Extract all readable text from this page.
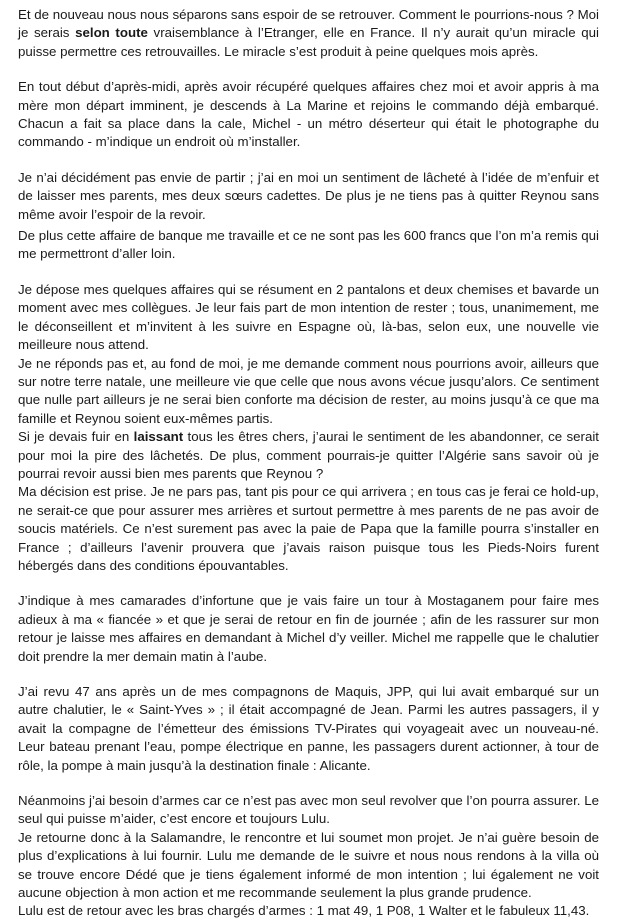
Et de nouveau nous nous séparons sans espoir de se retrouver. Comment le pourrions-nous ? Moi je serais selon toute vraisemblance à l’Etranger, elle en France. Il n’y aurait qu’un miracle qui puisse permettre ces retrouvailles. Le miracle s’est produit à peine quelques mois après.

En tout début d’après-midi, après avoir récupéré quelques affaires chez moi et avoir appris à ma mère mon départ imminent, je descends à La Marine et rejoins le commando déjà embarqué. Chacun a fait sa place dans la cale, Michel - un métro déserteur qui était le photographe du commando - m’indique un endroit où m’installer.

Je n’ai décidément pas envie de partir ; j’ai en moi un sentiment de lâcheté à l’idée de m’enfuir et de laisser mes parents, mes deux sœurs cadettes. De plus je ne tiens pas à quitter Reynou sans même avoir l’espoir de la revoir.

De plus cette affaire de banque me travaille et ce ne sont pas les 600 francs que l’on m’a remis qui me permettront d’aller loin.

Je dépose mes quelques affaires qui se résument en 2 pantalons et deux chemises et bavarde un moment avec mes collègues. Je leur fais part de mon intention de rester ; tous, unanimement, me le déconseillent et m’invitent à les suivre en Espagne où, là-bas, selon eux, une nouvelle vie meilleure nous attend.

Je ne réponds pas et, au fond de moi, je me demande comment nous pourrions avoir, ailleurs que sur notre terre natale, une meilleure vie que celle que nous avons vécue jusqu’alors. Ce sentiment que nulle part ailleurs je ne serai bien conforte ma décision de rester, au moins jusqu’à ce que ma famille et Reynou soient eux-mêmes partis.

Si je devais fuir en laissant tous les êtres chers, j’aurai le sentiment de les abandonner, ce serait pour moi la pire des lâchetés. De plus, comment pourrais-je quitter l’Algérie sans savoir où je pourrai revoir aussi bien mes parents que Reynou ?

Ma décision est prise. Je ne pars pas, tant pis pour ce qui arrivera ; en tous cas je ferai ce hold-up, ne serait-ce que pour assurer mes arrières et surtout permettre à mes parents de ne pas avoir de soucis matériels. Ce n’est surement pas avec la paie de Papa que la famille pourra s’installer en France ; d’ailleurs l’avenir prouvera que j’avais raison puisque tous les Pieds-Noirs furent hébergés dans des conditions épouvantables.

J’indique à mes camarades d’infortune que je vais faire un tour à Mostaganem pour faire mes adieux à ma « fiancée » et que je serai de retour en fin de journée ; afin de les rassurer sur mon retour je laisse mes affaires en demandant à Michel d’y veiller. Michel me rappelle que le chalutier doit prendre la mer demain matin à l’aube.

J’ai revu 47 ans après un de mes compagnons de Maquis, JPP, qui lui avait embarqué sur un autre chalutier, le « Saint-Yves » ; il était accompagné de Jean. Parmi les autres passagers, il y avait la compagne de l’émetteur des émissions TV-Pirates qui voyageait avec un nouveau-né. Leur bateau prenant l’eau, pompe électrique en panne, les passagers durent actionner, à tour de rôle, la pompe à main jusqu’à la destination finale : Alicante.

Néanmoins j’ai besoin d’armes car ce n’est pas avec mon seul revolver que l’on pourra assurer. Le seul qui puisse m’aider, c’est encore et toujours Lulu.

Je retourne donc à la Salamandre, le rencontre et lui soumet mon projet. Je n’ai guère besoin de plus d’explications à lui fournir. Lulu me demande de le suivre et nous nous rendons à la villa où se trouve encore Dédé que je tiens également informé de mon intention ; lui également ne voit aucune objection à mon action et me recommande seulement la plus grande prudence.

Lulu est de retour avec les bras chargés d’armes : 1 mat 49, 1 P08, 1 Walter et le fabuleux 11,43.
